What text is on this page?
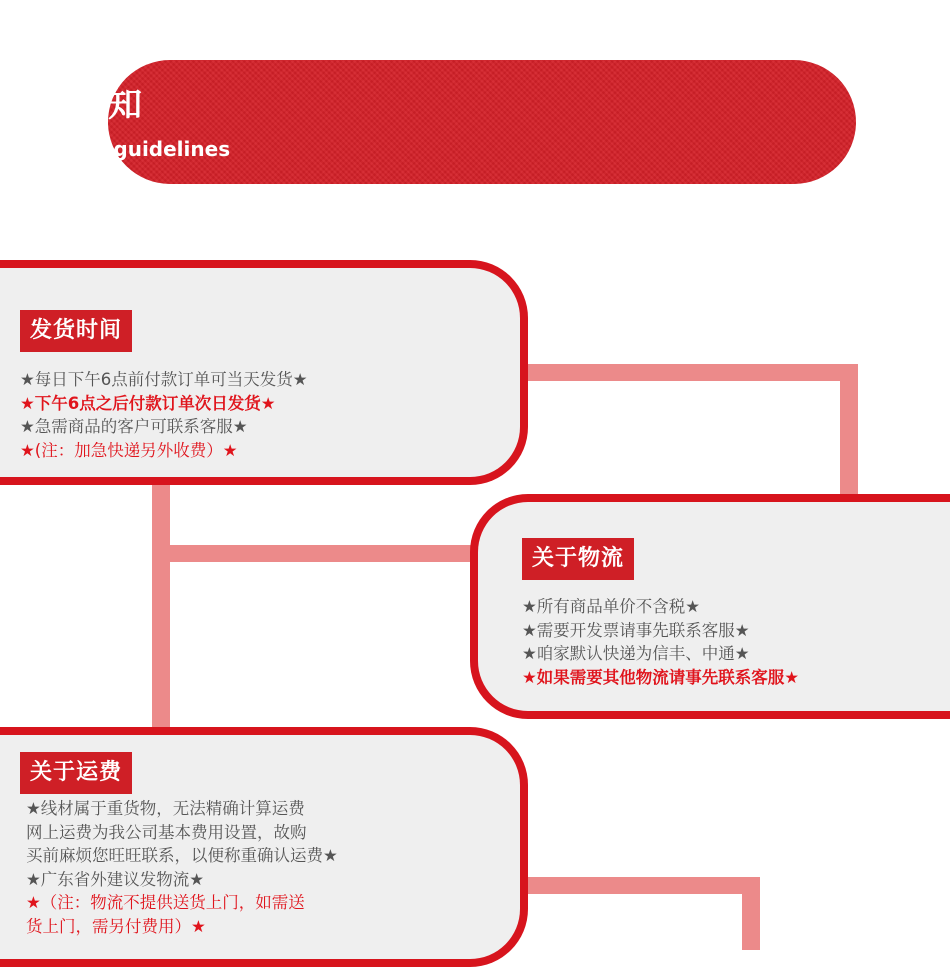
购物须知
Shopping guidelines
发货时间
★每日下午6点前付款订单可当天发货★
★下午6点之后付款订单次日发货★
★急需商品的客户可联系客服★
★(注：加急快递另外收费）★
关于物流
★所有商品单价不含税★
★需要开发票请事先联系客服★
★咱家默认快递为信丰、中通★
★如果需要其他物流请事先联系客服★
关于运费
★线材属于重货物，无法精确计算运费
网上运费为我公司基本费用设置，故购
买前麻烦您旺旺联系，以便称重确认运费★
★广东省外建议发物流★
★（注：物流不提供送货上门，如需送
货上门，需另付费用）★
